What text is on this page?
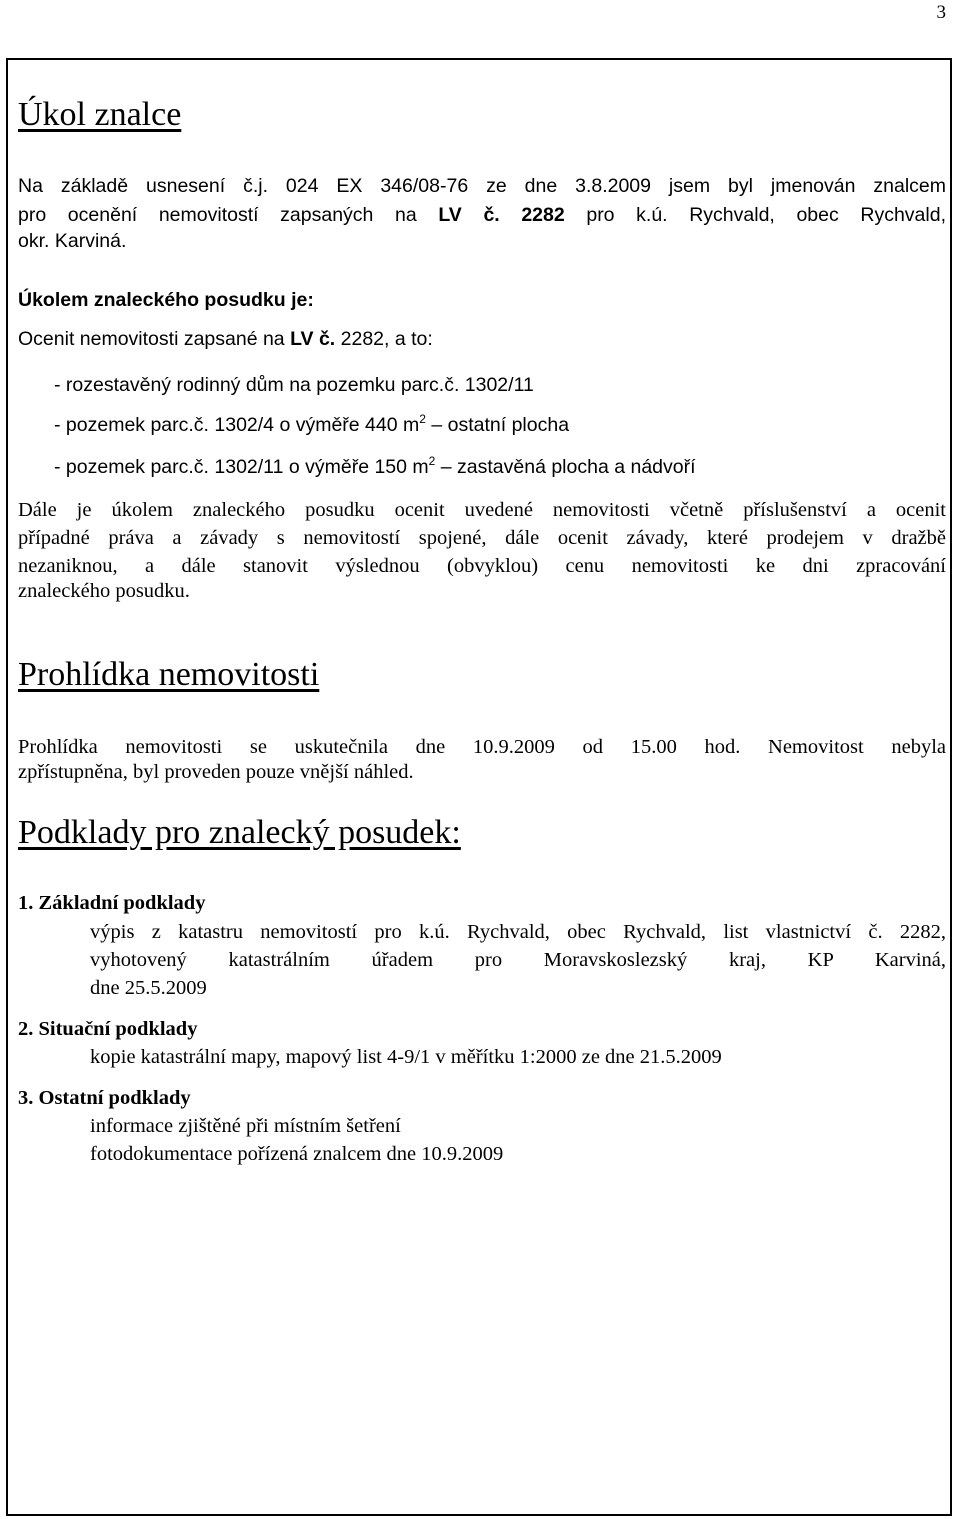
3
Úkol znalce
Na základě usnesení č.j. 024 EX 346/08-76 ze dne 3.8.2009 jsem byl jmenován znalcem
pro ocenění nemovitostí zapsaných na LV č. 2282 pro k.ú. Rychvald, obec Rychvald,
okr. Karviná.
Úkolem znaleckého posudku je:
Ocenit nemovitosti zapsané na LV č. 2282, a to:
- rozestavěný rodinný dům na pozemku parc.č. 1302/11
- pozemek parc.č. 1302/4 o výměře 440 $m^2$ – ostatní plocha
- pozemek parc.č. 1302/11 o výměře 150 $m^2$ – zastavěná plocha a nádvoří
Dále je úkolem znaleckého posudku ocenit uvedené nemovitosti včetně příslušenství a ocenit
případné práva a závady s nemovitostí spojené, dále ocenit závady, které prodejem v dražbě
nezaniknou, a dále stanovit výslednou (obvyklou) cenu nemovitosti ke dni zpracování
znaleckého posudku.
Prohlídka nemovitosti
Prohlídka nemovitosti se uskutečnila dne 10.9.2009 od 15.00 hod. Nemovitost nebyla
zpřístupněna, byl proveden pouze vnější náhled.
Podklady pro znalecký posudek:
1. Základní podklady
výpis z katastru nemovitostí pro k.ú. Rychvald, obec Rychvald, list vlastnictví č. 2282,
vyhotovený katastrálním úřadem pro Moravskoslezský kraj, KP Karviná,
dne 25.5.2009
2. Situační podklady
kopie katastrální mapy, mapový list 4-9/1 v měřítku 1:2000 ze dne 21.5.2009
3. Ostatní podklady
informace zjištěné při místním šetření
fotodokumentace pořízená znalcem dne 10.9.2009
